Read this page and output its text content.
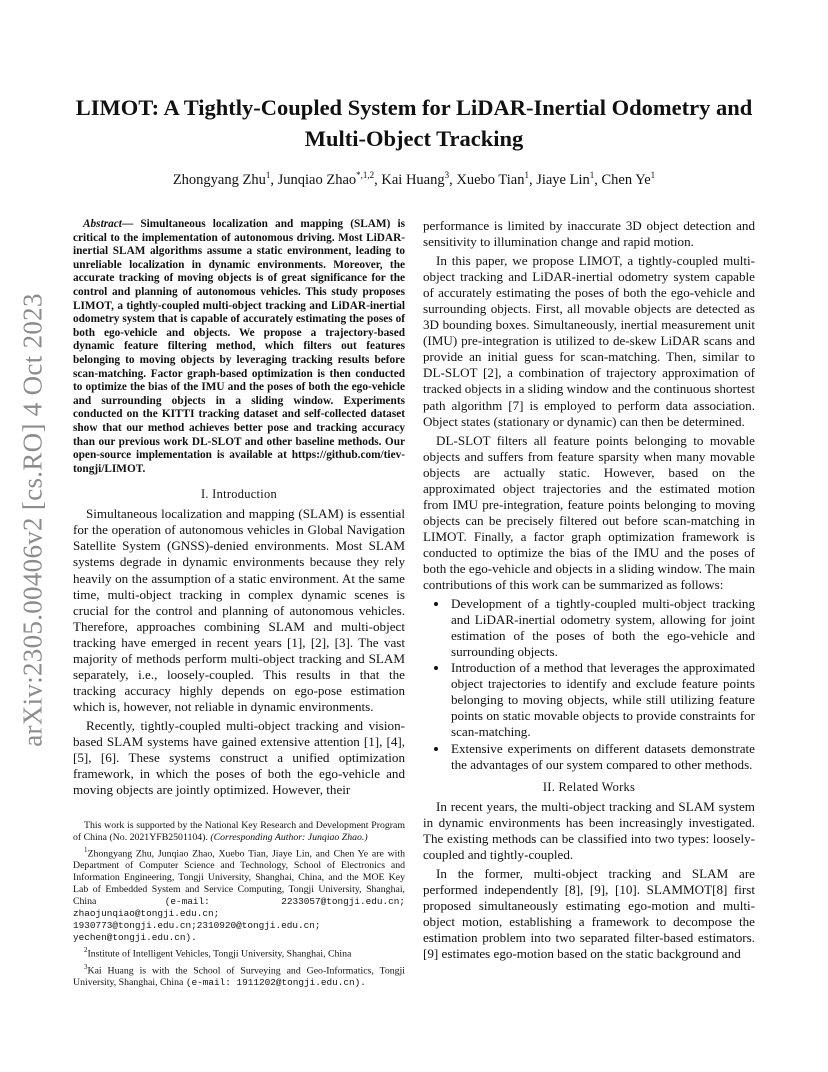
arXiv:2305.00406v2 [cs.RO] 4 Oct 2023
LIMOT: A Tightly-Coupled System for LiDAR-Inertial Odometry and Multi-Object Tracking
Zhongyang Zhu$^1$, Junqiao Zhao$^{*,1,2}$, Kai Huang$^3$, Xuebo Tian$^1$, Jiaye Lin$^1$, Chen Ye$^1$

Abstract— Simultaneous localization and mapping (SLAM) is critical to the implementation of autonomous driving. Most LiDAR-inertial SLAM algorithms assume a static environment, leading to unreliable localization in dynamic environments. Moreover, the accurate tracking of moving objects is of great significance for the control and planning of autonomous vehicles. This study proposes LIMOT, a tightly-coupled multi-object tracking and LiDAR-inertial odometry system that is capable of accurately estimating the poses of both ego-vehicle and objects. We propose a trajectory-based dynamic feature filtering method, which filters out features belonging to moving objects by leveraging tracking results before scan-matching. Factor graph-based optimization is then conducted to optimize the bias of the IMU and the poses of both the ego-vehicle and surrounding objects in a sliding window. Experiments conducted on the KITTI tracking dataset and self-collected dataset show that our method achieves better pose and tracking accuracy than our previous work DL-SLOT and other baseline methods. Our open-source implementation is available at https://github.com/tiev-tongji/LIMOT.

I. Introduction

Simultaneous localization and mapping (SLAM) is essential for the operation of autonomous vehicles in Global Navigation Satellite System (GNSS)-denied environments. Most SLAM systems degrade in dynamic environments because they rely heavily on the assumption of a static environment. At the same time, multi-object tracking in complex dynamic scenes is crucial for the control and planning of autonomous vehicles. Therefore, approaches combining SLAM and multi-object tracking have emerged in recent years [1], [2], [3]. The vast majority of methods perform multi-object tracking and SLAM separately, i.e., loosely-coupled. This results in that the tracking accuracy highly depends on ego-pose estimation which is, however, not reliable in dynamic environments.

Recently, tightly-coupled multi-object tracking and vision-based SLAM systems have gained extensive attention [1], [4], [5], [6]. These systems construct a unified optimization framework, in which the poses of both the ego-vehicle and moving objects are jointly optimized. However, their

This work is supported by the National Key Research and Development Program of China (No. 2021YFB2501104). (Corresponding Author: Junqiao Zhao.)

$^1$Zhongyang Zhu, Junqiao Zhao, Xuebo Tian, Jiaye Lin, and Chen Ye are with Department of Computer Science and Technology, School of Electronics and Information Engineering, Tongji University, Shanghai, China, and the MOE Key Lab of Embedded System and Service Computing, Tongji University, Shanghai, China	(e-mail: 2233057@tongji.edu.cn; zhaojunqiao@tongji.edu.cn; 1930773@tongji.edu.cn;2310920@tongji.edu.cn; yechen@tongji.edu.cn).

$^2$Institute of Intelligent Vehicles, Tongji University, Shanghai, China

$^3$Kai Huang is with the School of Surveying and Geo-Informatics, Tongji University, Shanghai, China (e-mail: 1911202@tongji.edu.cn).

performance is limited by inaccurate 3D object detection and sensitivity to illumination change and rapid motion.

In this paper, we propose LIMOT, a tightly-coupled multi-object tracking and LiDAR-inertial odometry system capable of accurately estimating the poses of both the ego-vehicle and surrounding objects. First, all movable objects are detected as 3D bounding boxes. Simultaneously, inertial measurement unit (IMU) pre-integration is utilized to de-skew LiDAR scans and provide an initial guess for scan-matching. Then, similar to DL-SLOT [2], a combination of trajectory approximation of tracked objects in a sliding window and the continuous shortest path algorithm [7] is employed to perform data association. Object states (stationary or dynamic) can then be determined.

DL-SLOT filters all feature points belonging to movable objects and suffers from feature sparsity when many movable objects are actually static. However, based on the approximated object trajectories and the estimated motion from IMU pre-integration, feature points belonging to moving objects can be precisely filtered out before scan-matching in LIMOT. Finally, a factor graph optimization framework is conducted to optimize the bias of the IMU and the poses of both the ego-vehicle and objects in a sliding window. The main contributions of this work can be summarized as follows:

• Development of a tightly-coupled multi-object tracking and LiDAR-inertial odometry system, allowing for joint estimation of the poses of both the ego-vehicle and surrounding objects.
• Introduction of a method that leverages the approximated object trajectories to identify and exclude feature points belonging to moving objects, while still utilizing feature points on static movable objects to provide constraints for scan-matching.
• Extensive experiments on different datasets demonstrate the advantages of our system compared to other methods.
II. Related Works

In recent years, the multi-object tracking and SLAM system in dynamic environments has been increasingly investigated. The existing methods can be classified into two types: loosely-coupled and tightly-coupled.

In the former, multi-object tracking and SLAM are performed independently [8], [9], [10]. SLAMMOT[8] first proposed simultaneously estimating ego-motion and multi-object motion, establishing a framework to decompose the estimation problem into two separated filter-based estimators. [9] estimates ego-motion based on the static background and
